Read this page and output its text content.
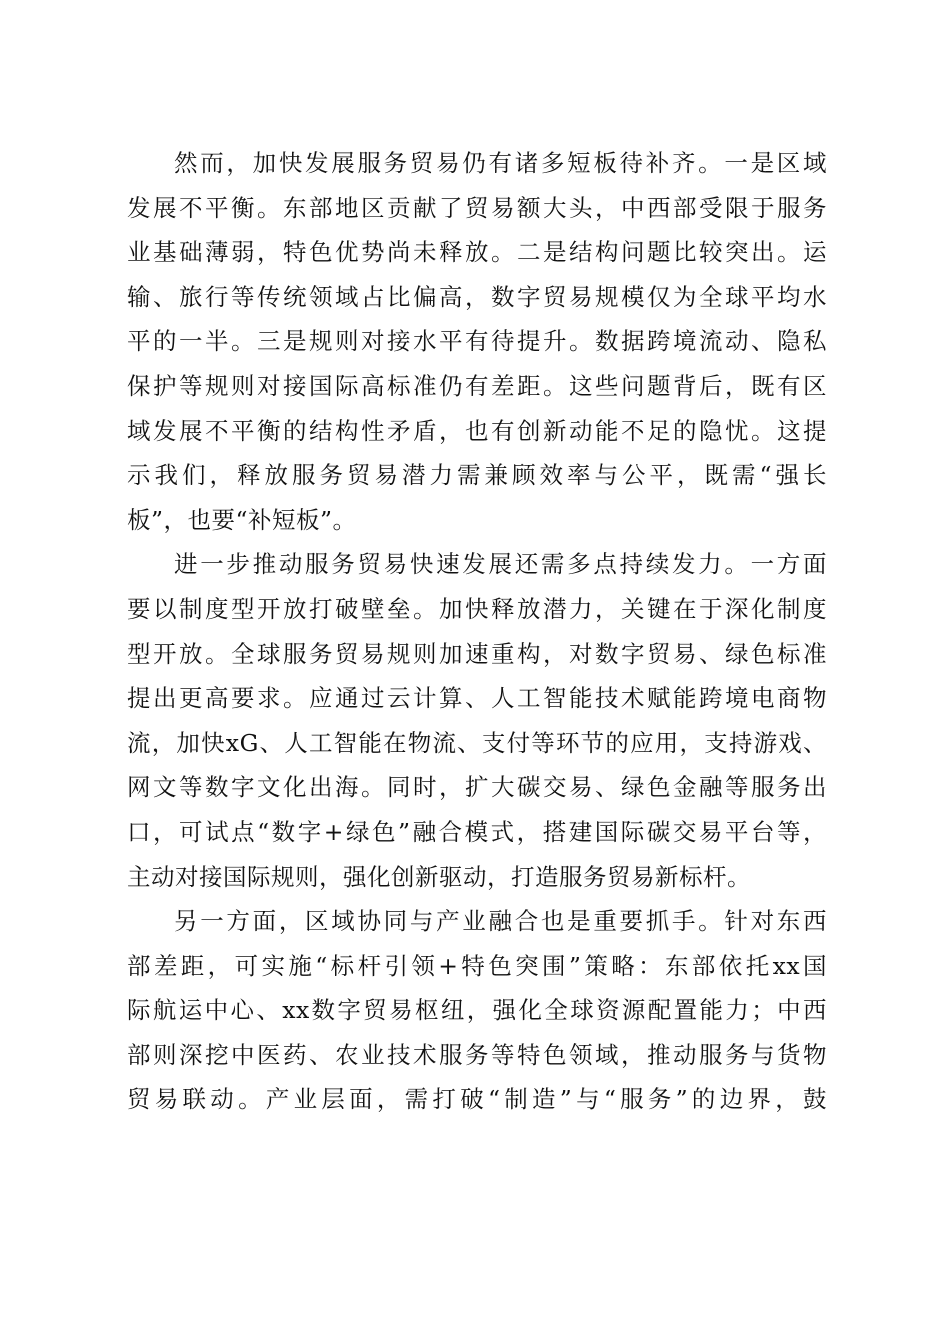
然而，加快发展服务贸易仍有诸多短板待补齐。一是区域
发展不平衡。东部地区贡献了贸易额大头，中西部受限于服务
业基础薄弱，特色优势尚未释放。二是结构问题比较突出。运
输、旅行等传统领域占比偏高，数字贸易规模仅为全球平均水
平的一半。三是规则对接水平有待提升。数据跨境流动、隐私
保护等规则对接国际高标准仍有差距。这些问题背后，既有区
域发展不平衡的结构性矛盾，也有创新动能不足的隐忧。这提
示我们，释放服务贸易潜力需兼顾效率与公平，既需“强长
板”，也要“补短板”。
进一步推动服务贸易快速发展还需多点持续发力。一方面
要以制度型开放打破壁垒。加快释放潜力，关键在于深化制度
型开放。全球服务贸易规则加速重构，对数字贸易、绿色标准
提出更高要求。应通过云计算、人工智能技术赋能跨境电商物
流，加快xG、人工智能在物流、支付等环节的应用，支持游戏、
网文等数字文化出海。同时，扩大碳交易、绿色金融等服务出
口，可试点“数字+绿色”融合模式，搭建国际碳交易平台等，
主动对接国际规则，强化创新驱动，打造服务贸易新标杆。
另一方面，区域协同与产业融合也是重要抓手。针对东西
部差距，可实施“标杆引领+特色突围”策略：东部依托xx国
际航运中心、xx数字贸易枢纽，强化全球资源配置能力；中西
部则深挖中医药、农业技术服务等特色领域，推动服务与货物
贸易联动。产业层面，需打破“制造”与“服务”的边界，鼓
